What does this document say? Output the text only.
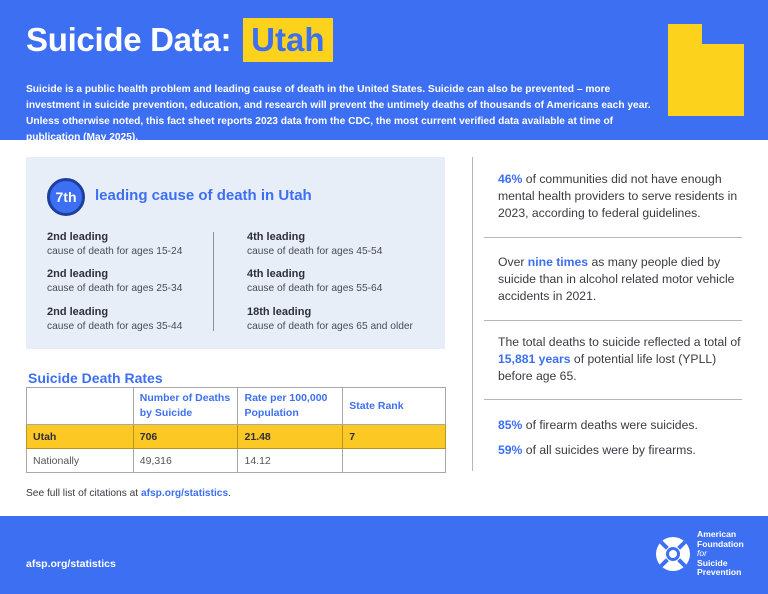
Suicide Data: Utah

Suicide is a public health problem and leading cause of death in the United States. Suicide can also be prevented – more investment in suicide prevention, education, and research will prevent the untimely deaths of thousands of Americans each year. Unless otherwise noted, this fact sheet reports 2023 data from the CDC, the most current verified data available at time of publication (May 2025).

7th	leading cause of death in Utah
2nd leading
cause of death for ages 15-24
2nd leading
cause of death for ages 25-34
2nd leading
cause of death for ages 35-44
4th leading
cause of death for ages 45-54
4th leading
cause of death for ages 55-64
18th leading
cause of death for ages 65 and older
Suicide Death Rates
	Number of Deaths by Suicide	Rate per 100,000 Population	State Rank
Utah	706	21.48	7
Nationally	49,316	14.12	
See full list of citations at afsp.org/statistics.
46% of communities did not have enough mental health providers to serve residents in 2023, according to federal guidelines.
Over nine times as many people died by suicide than in alcohol related motor vehicle accidents in 2021.
The total deaths to suicide reflected a total of 15,881 years of potential life lost (YPLL) before age 65.
85% of firearm deaths were suicides.
59% of all suicides were by firearms.
afsp.org/statistics
American
Foundation
for
Suicide
Prevention
